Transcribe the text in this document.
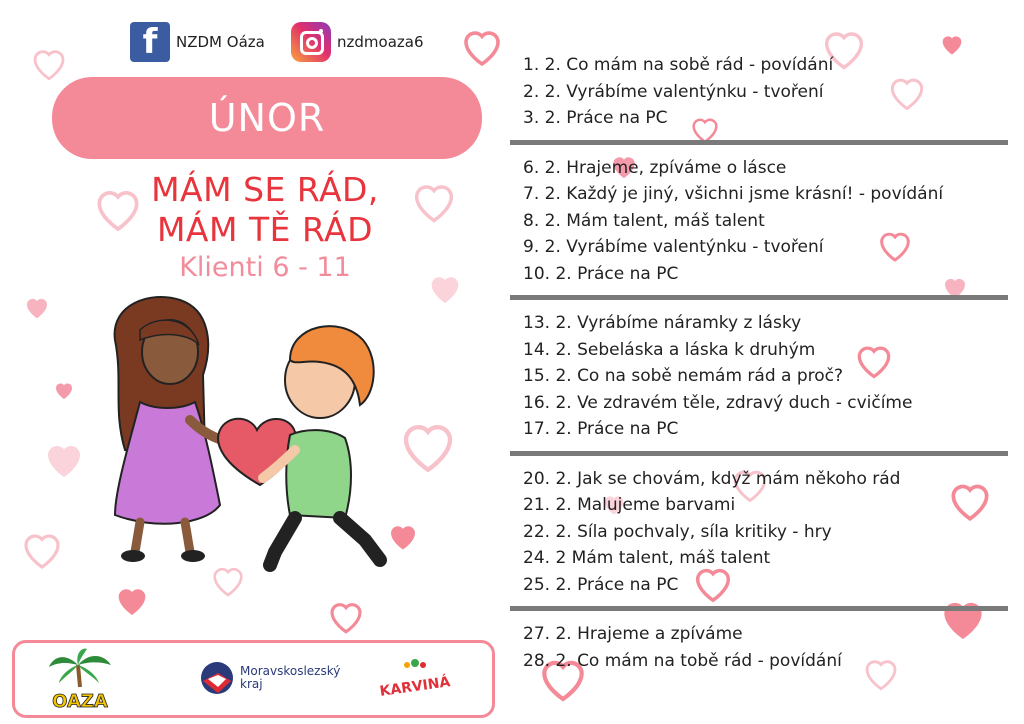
f	NZDM Oáza	nzdmoaza6
ÚNOR
MÁM SE RÁD,
MÁM TĚ RÁD
Klienti 6 - 11
1. 2. Co mám na sobě rád - povídání
2. 2. Vyrábíme valentýnku - tvoření
3. 2. Práce na PC
6. 2. Hrajeme, zpíváme o lásce
7. 2. Každý je jiný, všichni jsme krásní! - povídání
8. 2. Mám talent, máš talent
9. 2. Vyrábíme valentýnku - tvoření
10. 2. Práce na PC
13. 2. Vyrábíme náramky z lásky
14. 2. Sebeláska a láska k druhým
15. 2. Co na sobě nemám rád a proč?
16. 2. Ve zdravém těle, zdravý duch - cvičíme
17. 2. Práce na PC
20. 2. Jak se chovám, když mám někoho rád
21. 2. Malujeme barvami
22. 2. Síla pochvaly, síla kritiky - hry
24. 2 Mám talent, máš talent
25. 2. Práce na PC
27. 2. Hrajeme a zpíváme
28. 2. Co mám na tobě rád - povídání
OAZA
Moravskoslezský
kraj	KARVINÁ
